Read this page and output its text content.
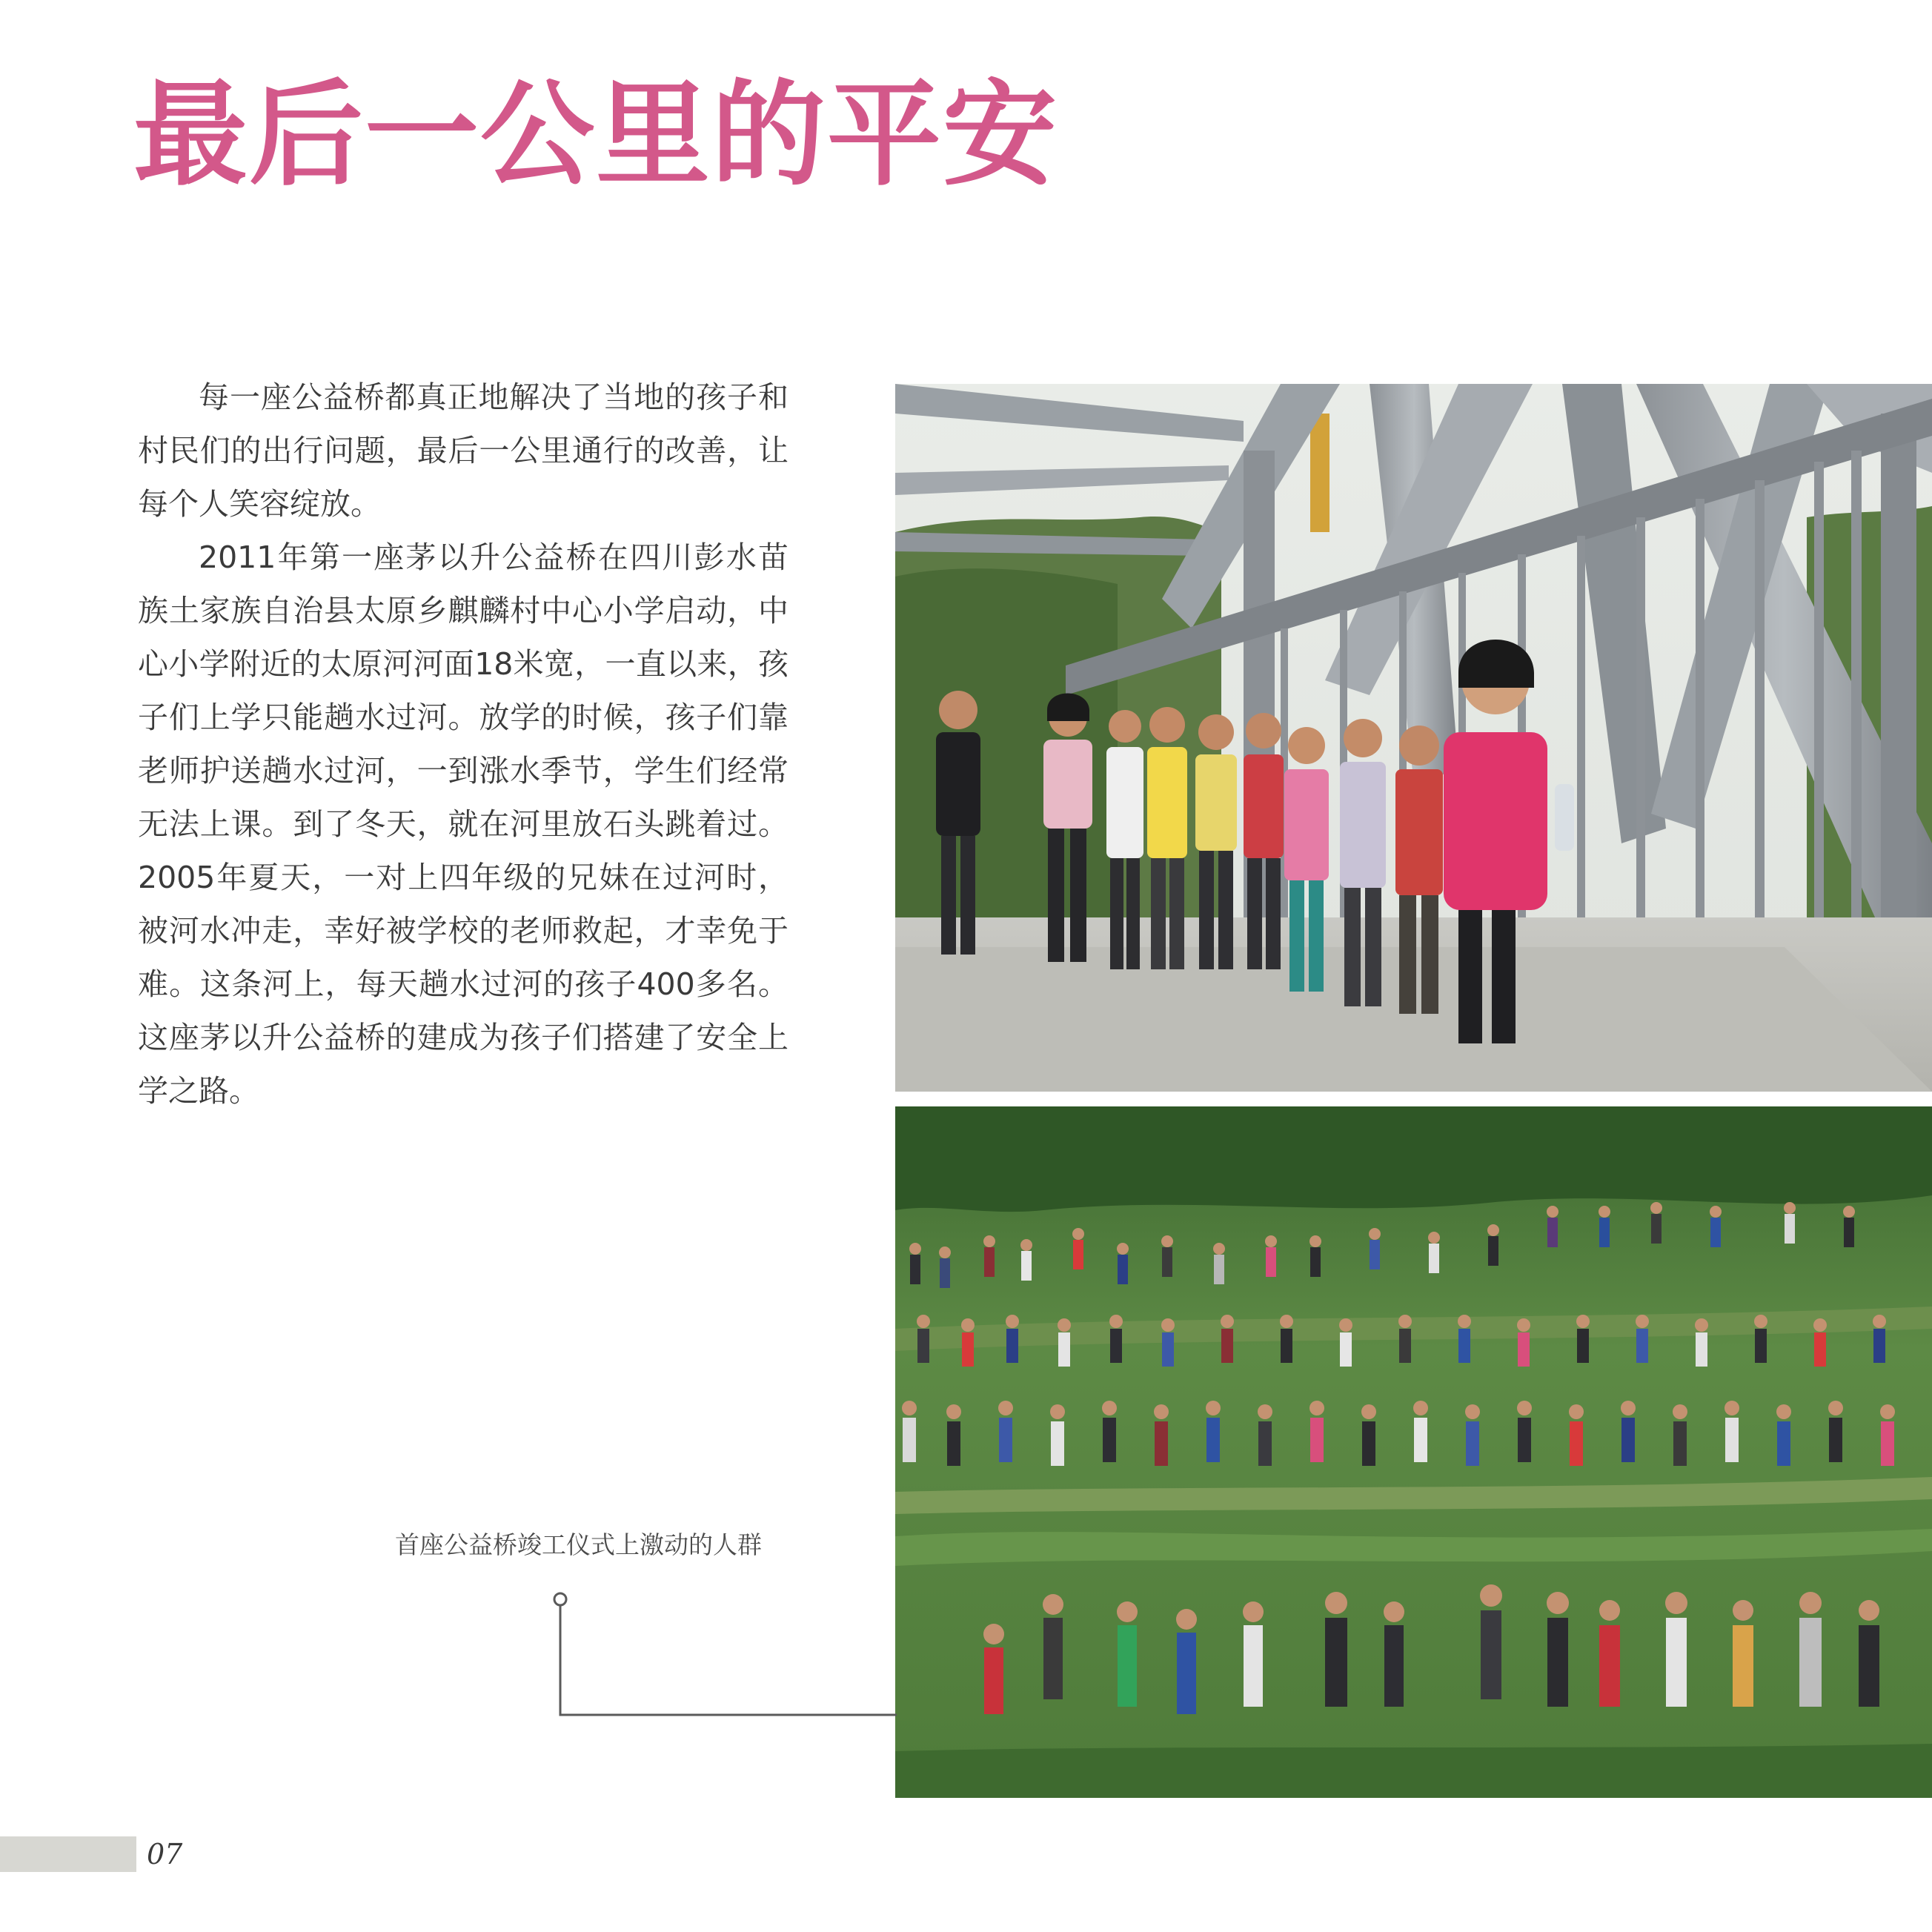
最后一公里的平安

每一座公益桥都真正地解决了当地的孩子和村民们的出行问题，最后一公里通行的改善，让每个人笑容绽放。

2011年第一座茅以升公益桥在四川彭水苗族土家族自治县太原乡麒麟村中心小学启动，中心小学附近的太原河河面18米宽，一直以来，孩子们上学只能趟水过河。放学的时候，孩子们靠老师护送趟水过河，一到涨水季节，学生们经常无法上课。到了冬天，就在河里放石头跳着过。2005年夏天，一对上四年级的兄妹在过河时，被河水冲走，幸好被学校的老师救起，才幸免于难。这条河上，每天趟水过河的孩子400多名。这座茅以升公益桥的建成为孩子们搭建了安全上学之路。

首座公益桥竣工仪式上激动的人群
07
